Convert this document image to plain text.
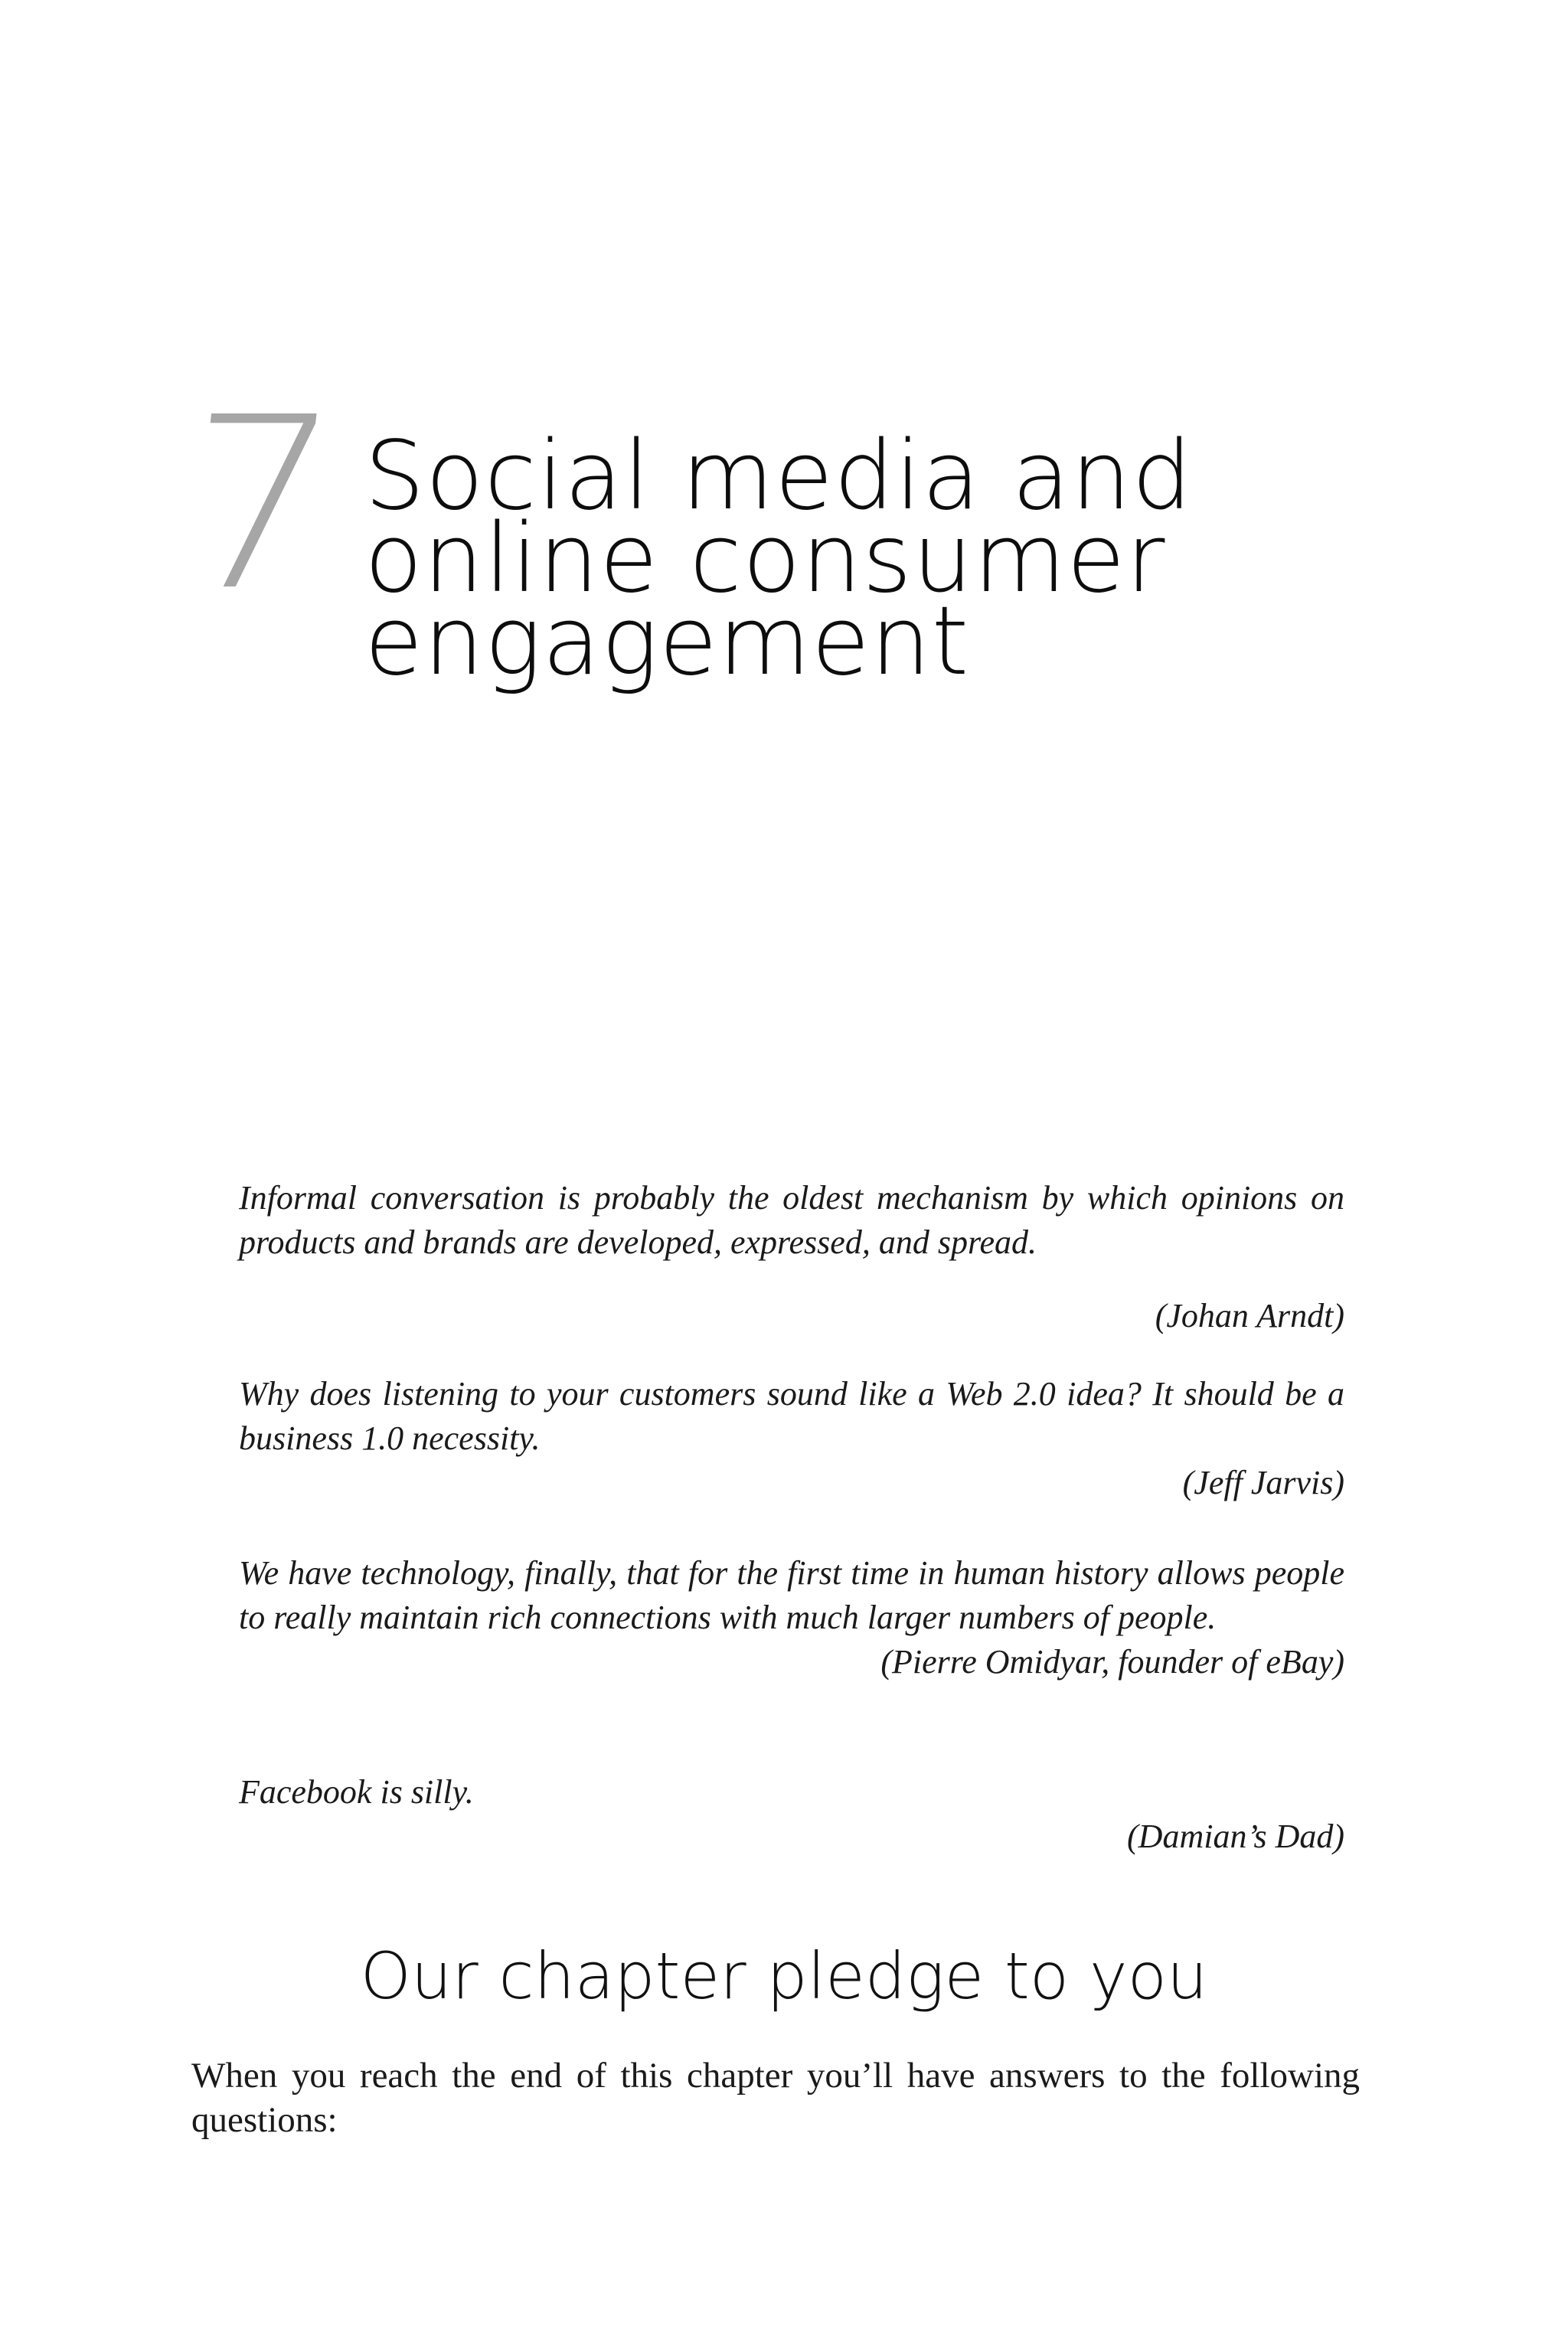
7 Social media and
online consumer
engagement

Informal conversation is probably the oldest mechanism by which opinions on products and brands are developed, expressed, and spread.

(Johan Arndt)

Why does listening to your customers sound like a Web 2.0 idea? It should be a business 1.0 necessity.

(Jeff Jarvis)

We have technology, finally, that for the first time in human history allows people to really maintain rich connections with much larger numbers of people.

(Pierre Omidyar, founder of eBay)

Facebook is silly.

(Damian’s Dad)

Our chapter pledge to you

When you reach the end of this chapter you’ll have answers to the following questions:
